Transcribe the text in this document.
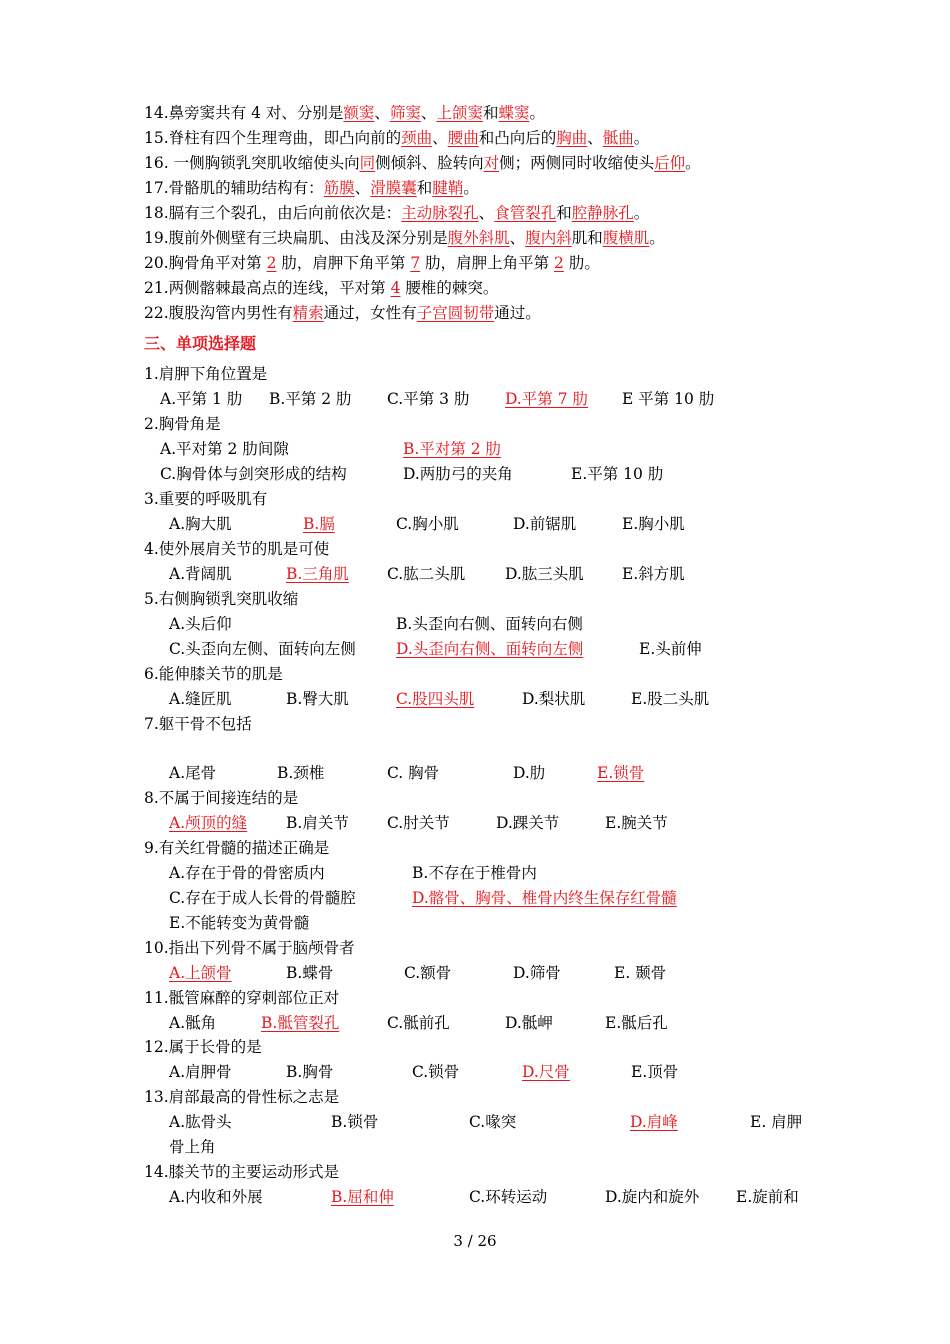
14.鼻旁窦共有 4 对、分别是额窦、筛窦、上颌窦和蝶窦。
15.脊柱有四个生理弯曲，即凸向前的颈曲、腰曲和凸向后的胸曲、骶曲。
16. 一侧胸锁乳突肌收缩使头向同侧倾斜、脸转向对侧；两侧同时收缩使头后仰。
17.骨骼肌的辅助结构有：筋膜、滑膜囊和腱鞘。
18.膈有三个裂孔，由后向前依次是：主动脉裂孔、食管裂孔和腔静脉孔。
19.腹前外侧壁有三块扁肌、由浅及深分别是腹外斜肌、腹内斜肌和腹横肌。
20.胸骨角平对第 2 肋，肩胛下角平第 7 肋，肩胛上角平第 2 肋。
21.两侧髂棘最高点的连线，平对第 4 腰椎的棘突。
22.腹股沟管内男性有精索通过，女性有子宫圆韧带通过。
三、单项选择题
1.肩胛下角位置是
A.平第 1 肋 B.平第 2 肋 C.平第 3 肋 D.平第 7 肋 E 平第 10 肋
2.胸骨角是
A.平对第 2 肋间隙	B.平对第 2 肋
C.胸骨体与剑突形成的结构	D.两肋弓的夹角	E.平第 10 肋
3.重要的呼吸肌有
A.胸大肌	B.膈	C.胸小肌	D.前锯肌	E.胸小肌
4.使外展肩关节的肌是可使
A.背阔肌	B.三角肌 C.肱二头肌	D.肱三头肌 E.斜方肌
5.右侧胸锁乳突肌收缩
A.头后仰	B.头歪向右侧、面转向右侧
C.头歪向左侧、面转向左侧	D.头歪向右侧、面转向左侧	E.头前伸
6.能伸膝关节的肌是
A.缝匠肌	B.臀大肌	C.股四头肌	D.梨状肌	E.股二头肌
7.躯干骨不包括
A.尾骨	B.颈椎	C. 胸骨	D.肋	E.锁骨
8.不属于间接连结的是
A.颅顶的缝	B.肩关节 C.肘关节	D.踝关节	E.腕关节
9.有关红骨髓的描述正确是
A.存在于骨的骨密质内	B.不存在于椎骨内
C.存在于成人长骨的骨髓腔	D.髂骨、胸骨、椎骨内终生保存红骨髓
E.不能转变为黄骨髓
10.指出下列骨不属于脑颅骨者
A.上颌骨	B.蝶骨	C.额骨	D.筛骨	E. 颞骨
11.骶管麻醉的穿刺部位正对
A.骶角	B.骶管裂孔	C.骶前孔	D.骶岬	E.骶后孔
12.属于长骨的是
A.肩胛骨	B.胸骨	C.锁骨	D.尺骨	E.顶骨
13.肩部最高的骨性标之志是
A.肱骨头	B.锁骨	C.喙突	D.肩峰	E. 肩胛
骨上角
14.膝关节的主要运动形式是
A.内收和外展	B.屈和伸	C.环转运动	D.旋内和旋外 E.旋前和
3 / 26
